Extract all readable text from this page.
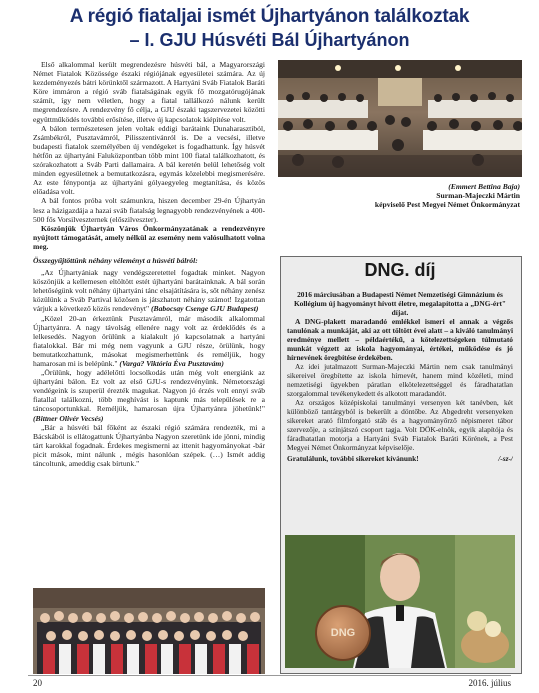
A régió fiataljai ismét Újhartyánon találkoztak
– I. GJU Húsvéti Bál Újhartyánon

Első alkalommal került megrendezésre húsvéti bál, a Magyarországi Német Fiatalok Közössége északi régiójának egyesületei számára. Az új kezdeményezés bátri körünktől származott. A Hartyáni Sváb Fiatalok Baráti Köre immáron a régió sváb fiatalságának egyik fő mozgatórugójának számít, így nem véletlen, hogy a fiatal tallálkozó nálunk került megrendezésre. A rendezvény fő célja, a GJU északi tagszervezetei közötti együttműködés további erősítése, illetve új kapcsolatok kiépítése volt.

A bálon természetesen jelen voltak eddigi barátaink Dunaharasztiból, Zsámbékról, Pusztavámról, Pilisszentivánról is. De a vecsési, illetve budapesti fiatalok személyében új vendégeket is fogadhattunk. Így húsvét hétfőn az újhartyáni Faluközpontban több mint 100 fiatal találkozhatott, és szórakozhatott a Sváb Parti dallamaira. A bál keretén belül lehetőség volt minden egyesületnek a bemutatkozásra, egymás közelebbi megismerésére. Az este fénypontja az újhartyáni gólyaegyeleg megtanítása, és közös előadása volt.

A bál fontos próba volt számunkra, hiszen december 29-én Újhartyán lesz a házigazdája a hazai sváb fiatalság legnagyobb rendezvényének a 400-500 fős Vorsilveszternek (előszilveszter).

Köszönjük Újhartyán Város Önkormányzatának a rendezvényre nyújtott támogatását, amely nélkül az esemény nem valósulhatott volna meg.

Összegyűjtöttünk néhány véleményt a húsvéti bálról:

„Az Újhartyániak nagy vendégszeretettel fogadtak minket. Nagyon köszönjük a kellemesen eltöltött estét újhartyáni barátainknak. A bál során lehetőségünk volt néhány újhartyáni tánc elsajátítására is, sőt néhány zenész közülünk a Sváb Partival közösen is játszhatott néhány számot! Izgatottan várjuk a következő közös rendevényt" (Babocsay Csenge GJU Budapest)

„Közel 20-an érkeztünk Pusztavámról, már második alkalommal Újhartyánra. A nagy távolság ellenére nagy volt az érdeklődés és a lelkesedés. Nagyon örülünk a kialakult jó kapcsolatnak a hartyáni fiatalokkal. Bár mi még nem vagyunk a GJU része, örülünk, hogy bemutatkozhattunk, másokat megismerhettünk és reméljük, hogy hamarosan mi is belépünk." (Varga? Viktória Éva Pusztavám)

„Örülünk, hogy adélelőtti locsolkodás után még volt energiánk az újhartyáni bálon. Ez volt az első GJU-s rendezvényünk. Németországi vendégeink is szuperül érezték magukat. Nagyon jó érzés volt ennyi sváb fiatallal találkozni, több meghívást is kaptunk más települések re a táncosoportunkkal. Reméljük, hamarosan újra Újhartyánra jöhetünk!" (Bittner Olivér Vecsés)

„Bár a húsvéti bál főként az északi régió számára rendezték, mi a Bácskából is ellátogattunk Újhartyánba Nagyon szeretünk ide jönni, mindig tárt karokkal fogadnak. Érdekes megismerni az ittenit hagyományokat -bár picit mások, mint nálunk , mégis hasonlóan szépek. (…) Ismét addig táncoltunk, ameddig csak bírtunk."

(Emmert Bettina Baja)

Surman-Majeczki Mártin

képviselő Pest Megyei Német Önkormányzat

DNG. díj

2016 márciusában a Budapesti Német Nemzetiségi Gimnázium és Kollégium új hagyományt hívott életre, megalapította a „DNG-ért" díjat.

A DNG-plakett maradandó emlékkel ismeri el annak a végzős tanulónak a munkáját, aki az ott töltött évei alatt – a kiváló tanulmányi eredménye mellett – példaértékű, a kötelezettségeken túlmutató munkát végzett az iskola hagyományai, értékei, működése és jó hírnevének öregbítése érdekében.

Az idei jutalmazott Surman-Majeczki Mártin nem csak tanulmányi sikereivel öregbítette az iskola hírnevét, hanem mind közéleti, mind nemzetiségi ügyekben páratlan elkötelezettséggel és fáradhatatlan szorgalommal tevékenykedett és alkotott maradandót.

Az országos középiskolai tanulmányi versenyen két tanévben, két különböző tantárgyból is bekerült a döntőbe. Az Abgedreht versenyeken sikereket arató filmforgató stáb és a hagyományőrző népismeret tábor szervezője, a színjátszó csoport tagja. Volt DÖK-elnök, egyik alapítója és fáradhatatlan motorja a Hartyáni Sváb Fiatalok Baráti Körének, a Pest Megyei Német Önkormányzat képviselője.

Gratulálunk, további sikereket kívánunk!	/-sz-/

DNG
20	2016. július
